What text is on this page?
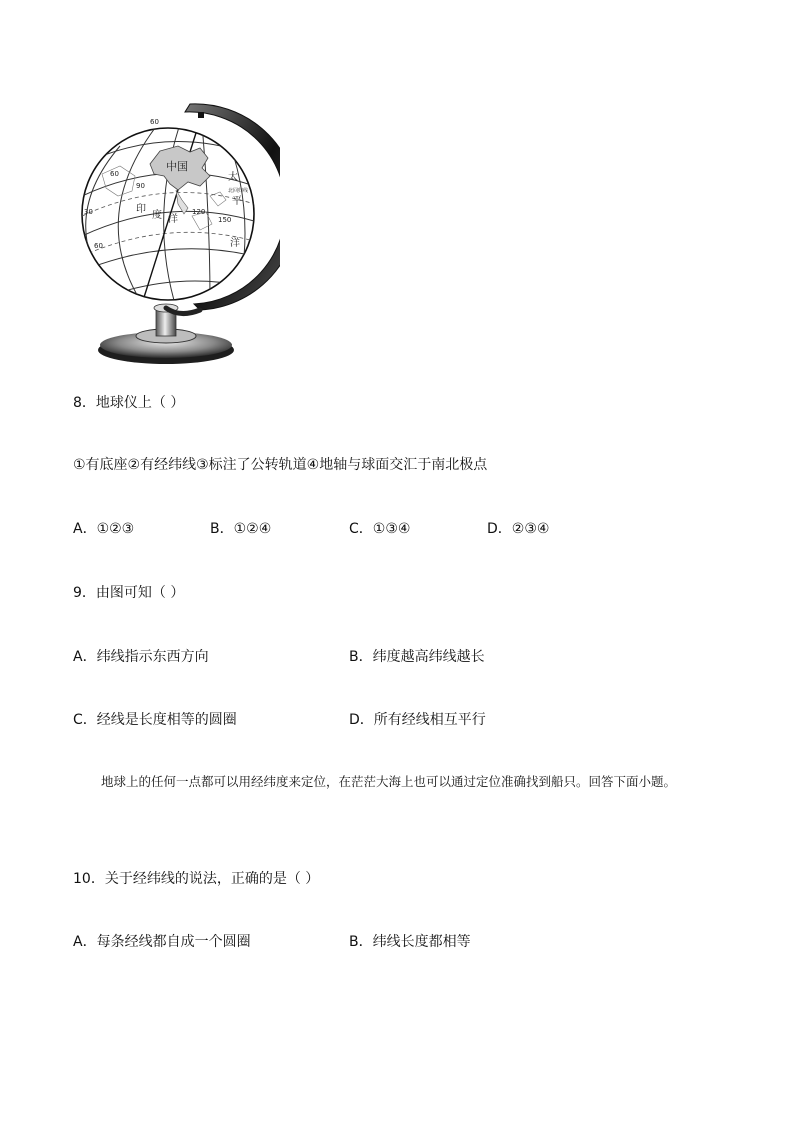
中国
太
平
洋
印
度 洋
30
60
60
60
90
120
150
北回归线
8．地球仪上（ ）
①有底座②有经纬线③标注了公转轨道④地轴与球面交汇于南北极点
A．①②③	B．①②④	C．①③④	D．②③④
9．由图可知（ ）
A．纬线指示东西方向	B．纬度越高纬线越长
C．经线是长度相等的圆圈	D．所有经线相互平行
地球上的任何一点都可以用经纬度来定位，在茫茫大海上也可以通过定位准确找到船只。回答下面小题。
10．关于经纬线的说法，正确的是（ ）
A．每条经线都自成一个圆圈	B．纬线长度都相等
